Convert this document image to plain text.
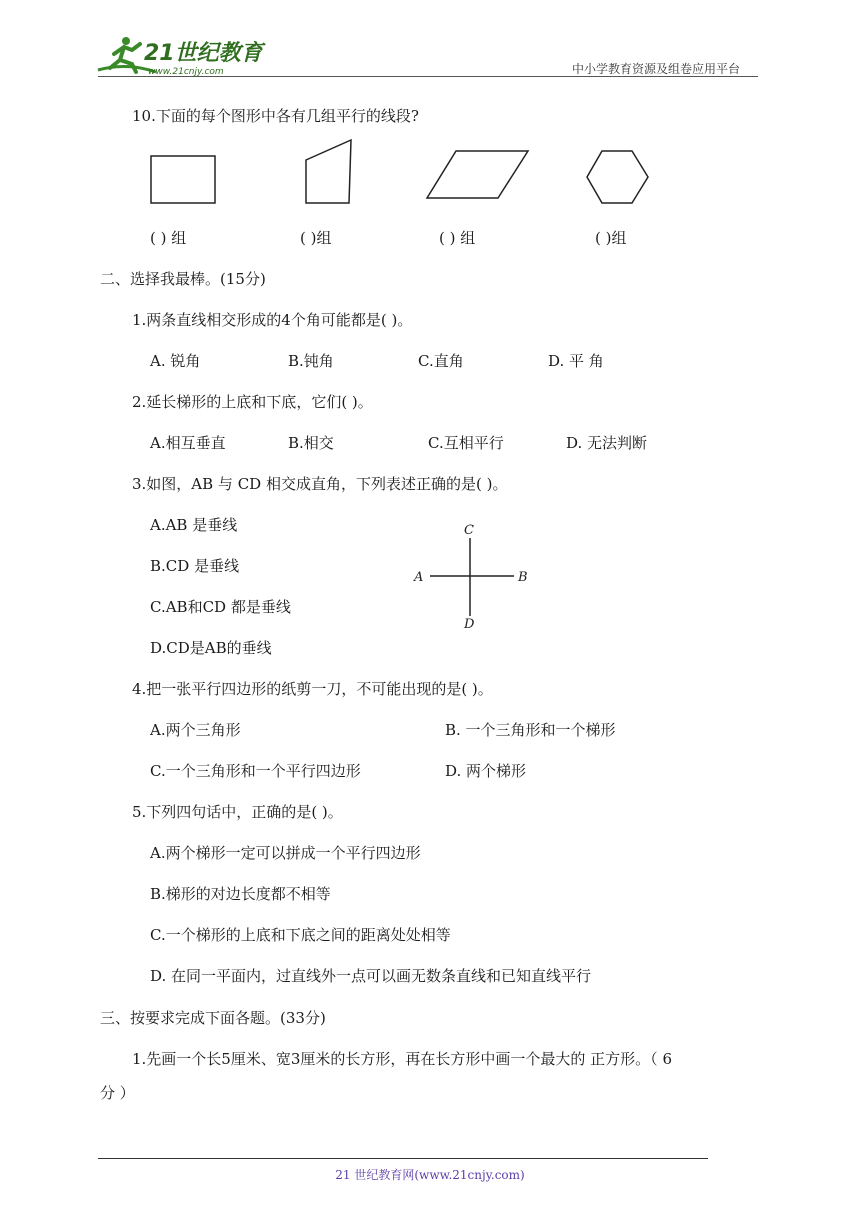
21世纪教育
www.21cnjy.com	中小学教育资源及组卷应用平台
10.下面的每个图形中各有几组平行的线段?
( ) 组	( )组	( ) 组	( )组
二、选择我最棒。(15分)
1.两条直线相交形成的4个角可能都是( )。
A. 锐角	B.钝角	C.直角	D. 平 角
2.延长梯形的上底和下底，它们( )。
A.相互垂直	B.相交	C.互相平行	D. 无法判断
3.如图，AB 与 CD 相交成直角，下列表述正确的是( )。
A.AB 是垂线
B.CD 是垂线
C.AB和CD 都是垂线
D.CD是AB的垂线
C
A	B
D
4.把一张平行四边形的纸剪一刀，不可能出现的是( )。
A.两个三角形	B. 一个三角形和一个梯形
C.一个三角形和一个平行四边形	D. 两个梯形
5.下列四句话中，正确的是( )。
A.两个梯形一定可以拼成一个平行四边形
B.梯形的对边长度都不相等
C.一个梯形的上底和下底之间的距离处处相等
D. 在同一平面内，过直线外一点可以画无数条直线和已知直线平行
三、按要求完成下面各题。(33分)
1.先画一个长5厘米、宽3厘米的长方形，再在长方形中画一个最大的 正方形。（ 6
分 ）
21 世纪教育网(www.21cnjy.com)
